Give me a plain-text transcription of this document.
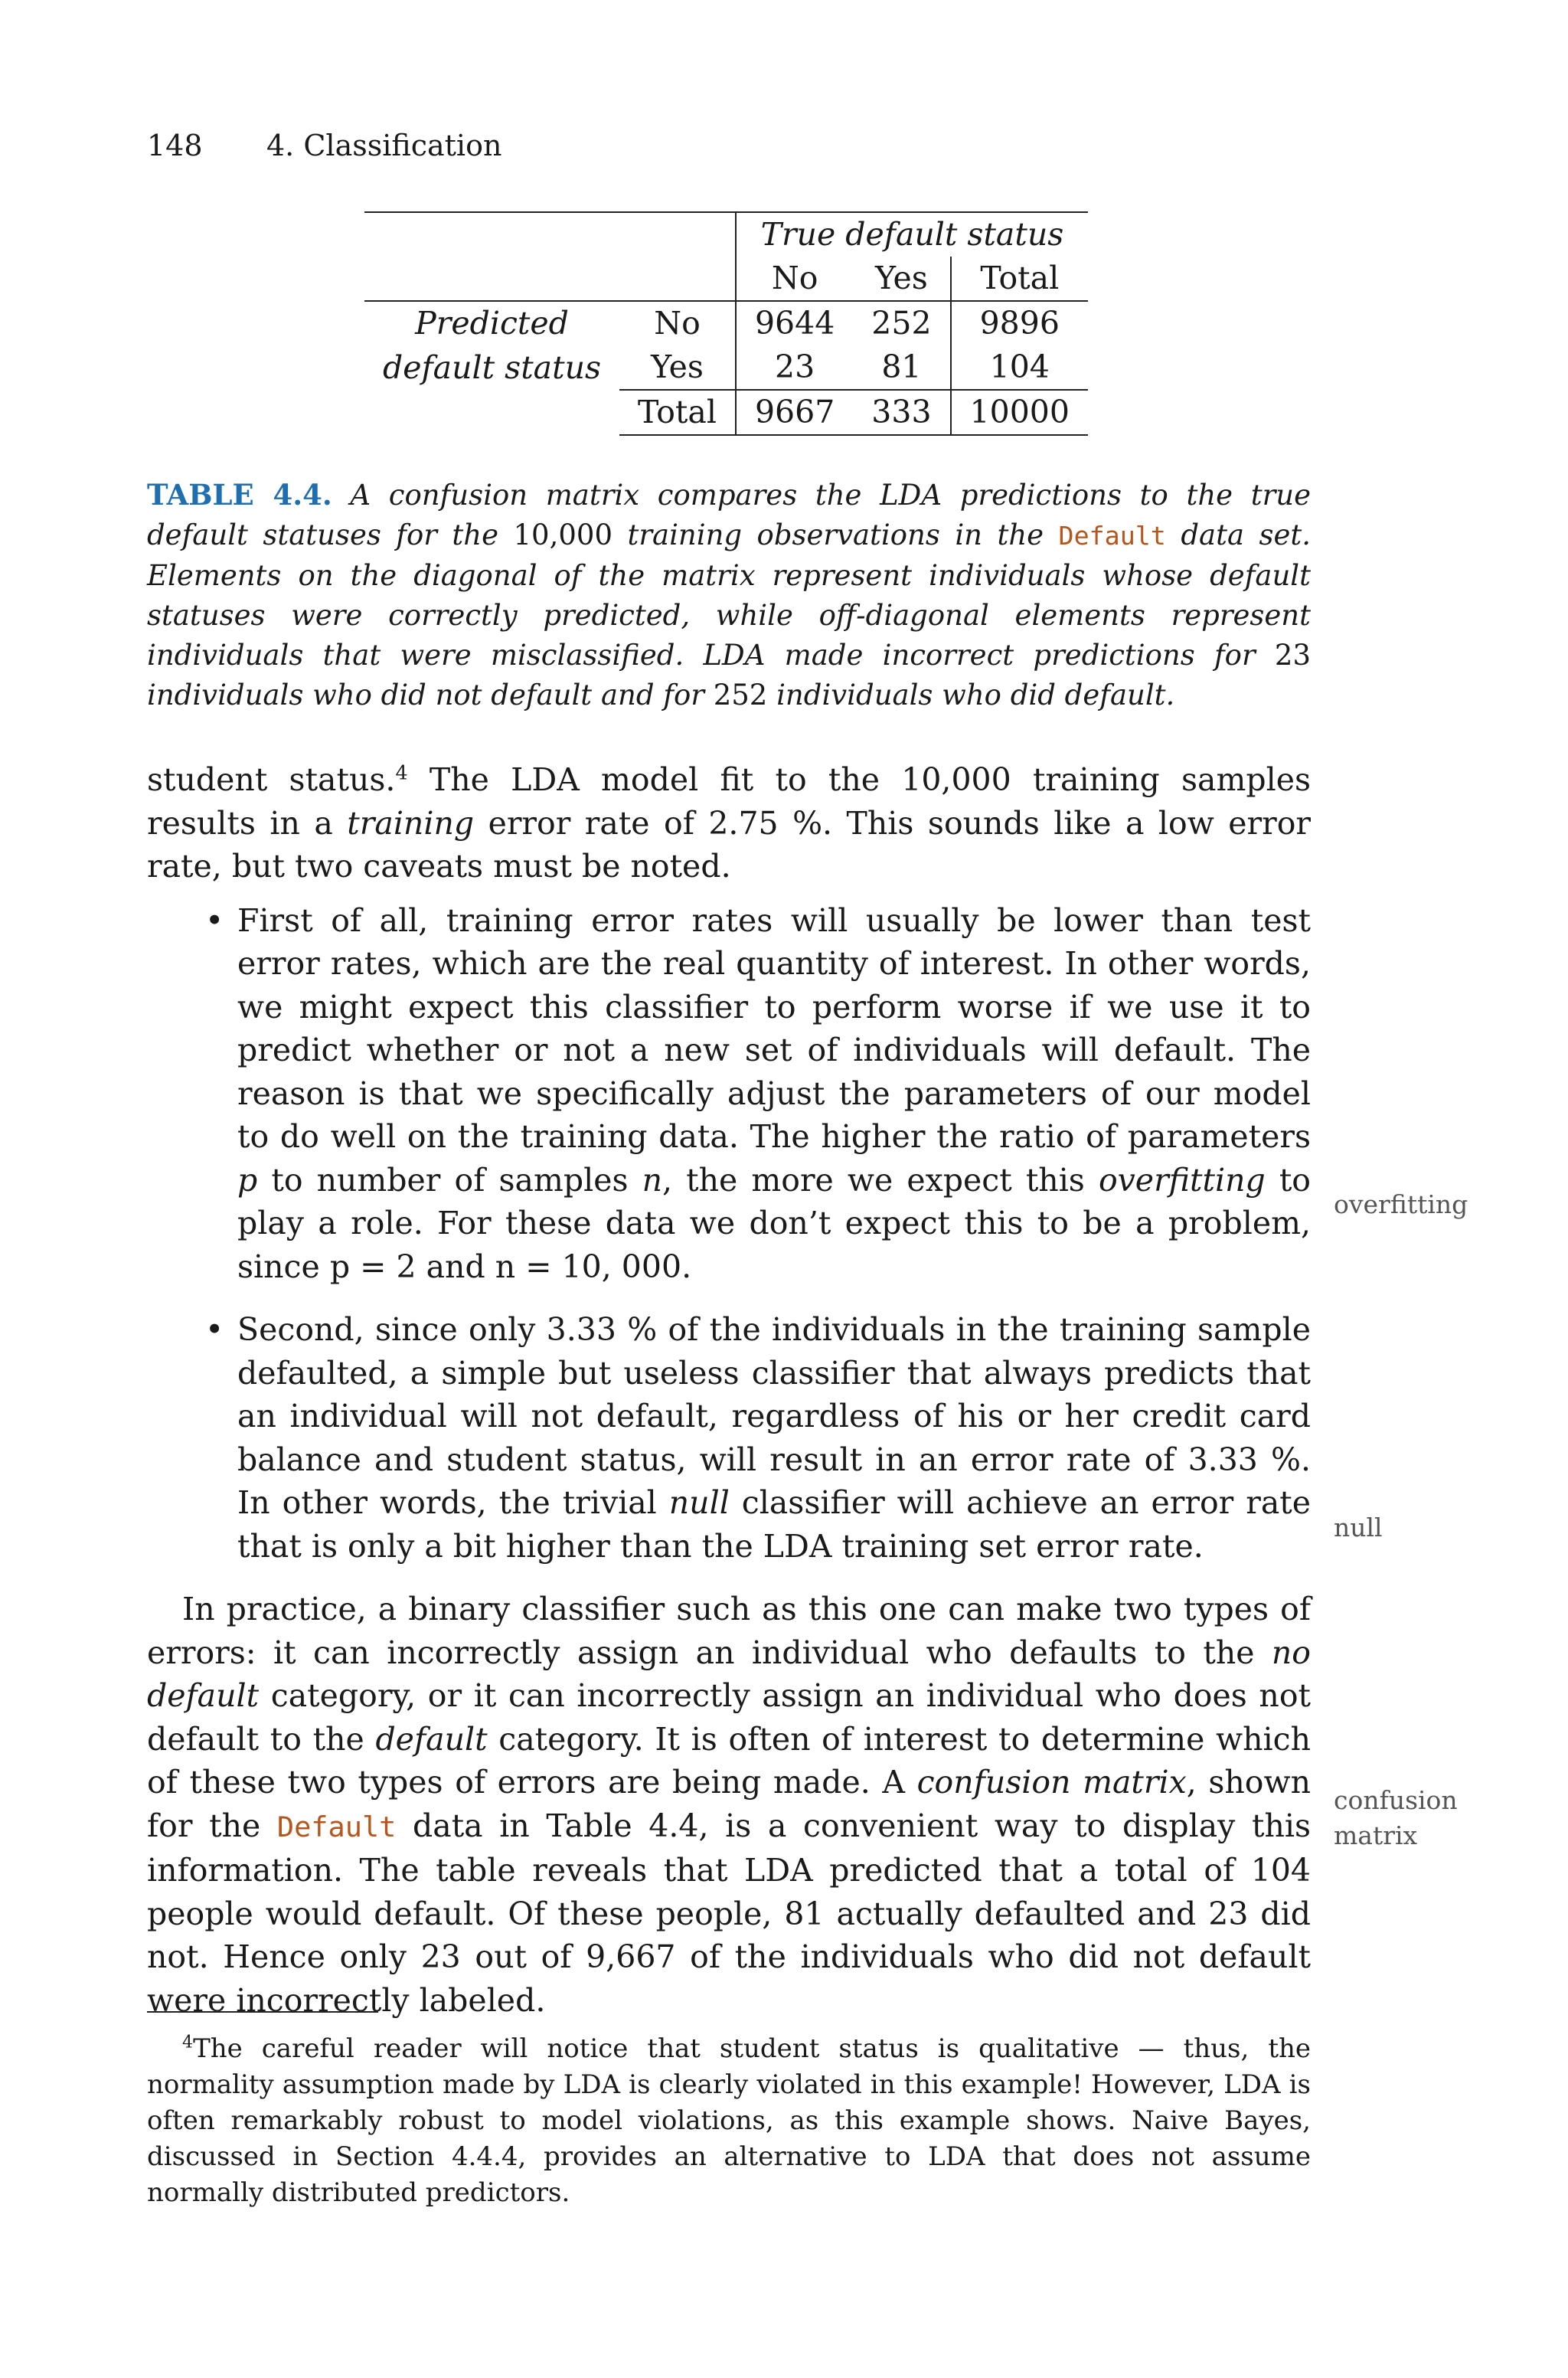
148 4. Classification
		True default status		
		No	Yes	Total
Predicted	No	9644	252	9896
default status	Yes	23	81	104
	Total	9667	333	10000
TABLE 4.4. A confusion matrix compares the LDA predictions to the true default statuses for the 10,000 training observations in the Default data set. Elements on the diagonal of the matrix represent individuals whose default statuses were correctly predicted, while off-diagonal elements represent individuals that were misclassified. LDA made incorrect predictions for 23 individuals who did not default and for 252 individuals who did default.

student status.$^4$ The LDA model fit to the 10,000 training samples results in a training error rate of 2.75 %. This sounds like a low error rate, but two caveats must be noted.

• First of all, training error rates will usually be lower than test error rates, which are the real quantity of interest. In other words, we might expect this classifier to perform worse if we use it to predict whether or not a new set of individuals will default. The reason is that we specifically adjust the parameters of our model to do well on the training data. The higher the ratio of parameters p to number of samples n, the more we expect this overfitting to play a role. For these data we don’t expect this to be a problem, since p = 2 and n = 10, 000.
• Second, since only 3.33 % of the individuals in the training sample defaulted, a simple but useless classifier that always predicts that an individual will not default, regardless of his or her credit card balance and student status, will result in an error rate of 3.33 %. In other words, the trivial null classifier will achieve an error rate that is only a bit higher than the LDA training set error rate.

In practice, a binary classifier such as this one can make two types of errors: it can incorrectly assign an individual who defaults to the no default category, or it can incorrectly assign an individual who does not default to the default category. It is often of interest to determine which of these two types of errors are being made. A confusion matrix, shown for the Default data in Table 4.4, is a convenient way to display this information. The table reveals that LDA predicted that a total of 104 people would default. Of these people, 81 actually defaulted and 23 did not. Hence only 23 out of 9,667 of the individuals who did not default were incorrectly labeled.

overfitting
null
confusion
matrix
$^4$The careful reader will notice that student status is qualitative — thus, the normality assumption made by LDA is clearly violated in this example! However, LDA is often remarkably robust to model violations, as this example shows. Naive Bayes, discussed in Section 4.4.4, provides an alternative to LDA that does not assume normally distributed predictors.
